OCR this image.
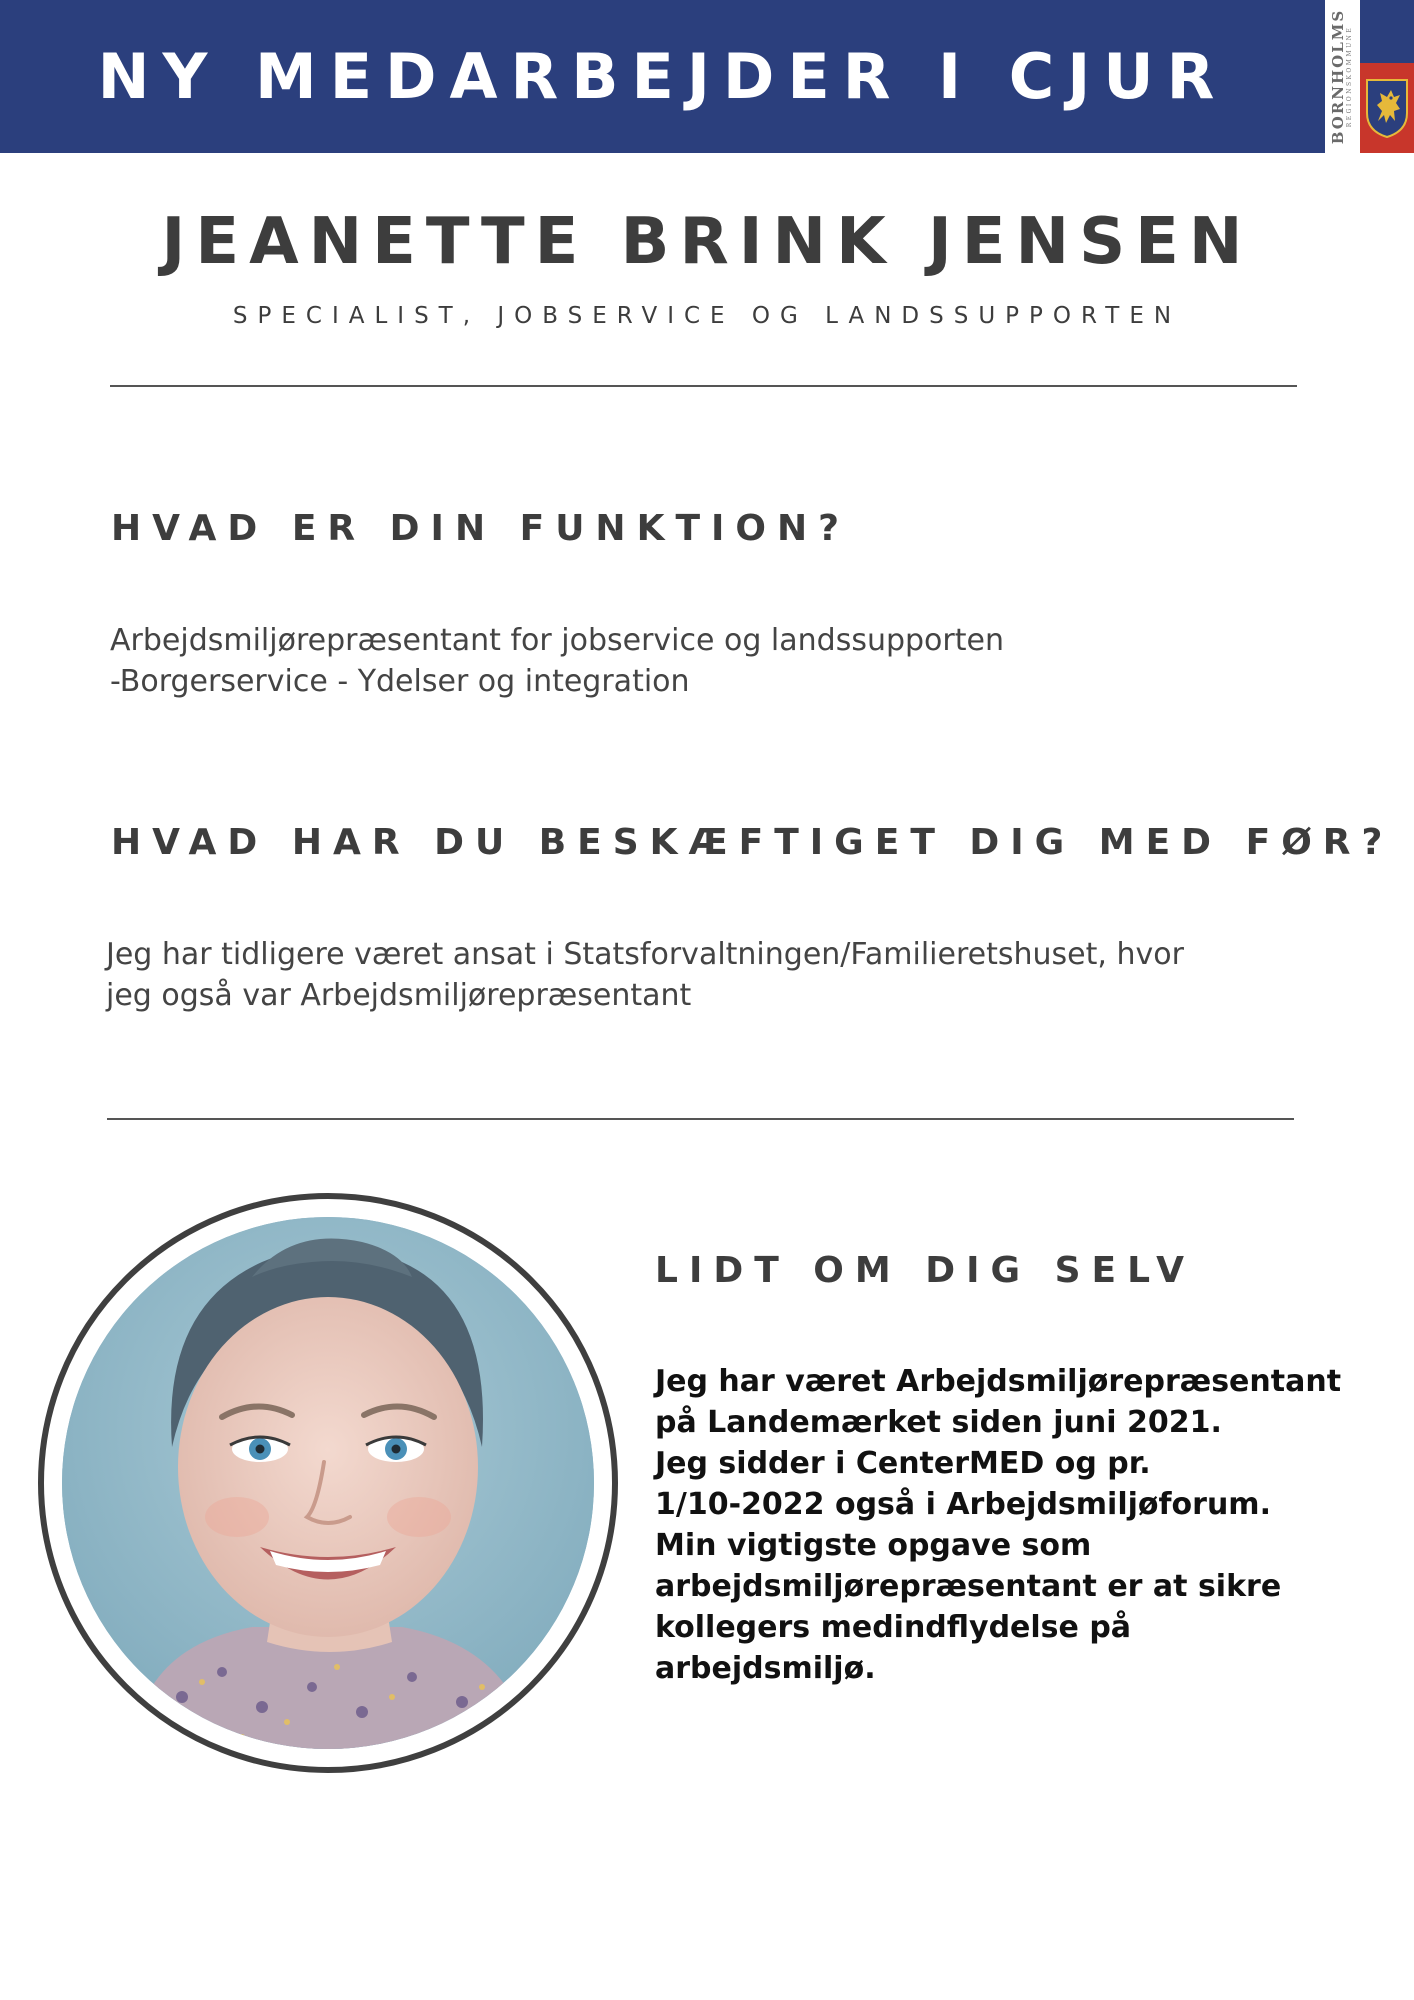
NY MEDARBEJDER I CJUR	BORNHOLMS REGIONSKOMMUNE
JEANETTE BRINK JENSEN
SPECIALIST, JOBSERVICE OG LANDSSUPPORTEN
HVAD ER DIN FUNKTION?
Arbejdsmiljørepræsentant for jobservice og landssupporten
-Borgerservice - Ydelser og integration
HVAD HAR DU BESKÆFTIGET DIG MED FØR?
Jeg har tidligere været ansat i Statsforvaltningen/Familieretshuset, hvor
jeg også var Arbejdsmiljørepræsentant
LIDT OM DIG SELV
Jeg har været Arbejdsmiljørepræsentant
på Landemærket siden juni 2021.
Jeg sidder i CenterMED og pr.
1/10-2022 også i Arbejdsmiljøforum.
Min vigtigste opgave som
arbejdsmiljørepræsentant er at sikre
kollegers medindflydelse på
arbejdsmiljø.
